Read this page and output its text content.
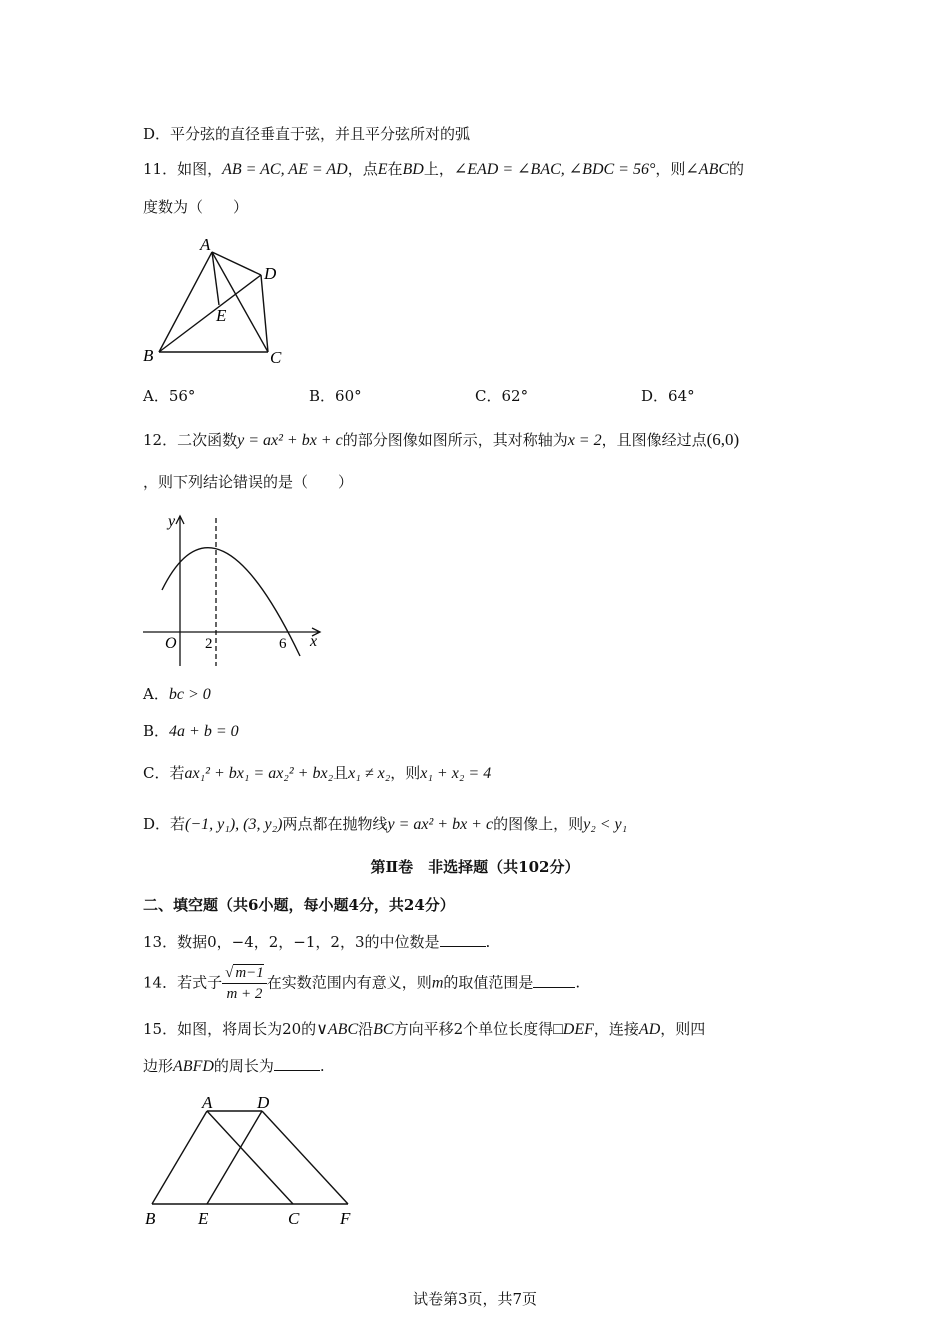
D．平分弦的直径垂直于弦，并且平分弦所对的弧
11．如图，AB = AC, AE = AD，点E在BD上，∠EAD = ∠BAC, ∠BDC = 56°，则∠ABC的
度数为（　　）
A
D
E
B	C
A．56°	B．60°	C．62°	D．64°
12．二次函数y = ax² + bx + c的部分图像如图所示，其对称轴为x = 2，且图像经过点(6,0)
，则下列结论错误的是（　　）
y
x
O 2	6
A．bc > 0
B．4a + b = 0
C．若ax₁² + bx₁ = ax₂² + bx₂且x₁ ≠ x₂，则x₁ + x₂ = 4
D．若(−1, y₁), (3, y₂)两点都在抛物线y = ax² + bx + c的图像上，则y₂ < y₁
第Ⅱ卷　非选择题（共102分）
二、填空题（共6小题，每小题4分，共24分）
13．数据0，−4，2，−1，2，3的中位数是	.
14．若式子 $\frac{√ m-1}{m + 2}$ 在实数范围内有意义，则m的取值范围是	.
15．如图，将周长为20的∨ABC沿BC方向平移2个单位长度得□DEF，连接AD，则四
边形ABFD的周长为	.
A	D
B	E	C F
试卷第3页，共7页
